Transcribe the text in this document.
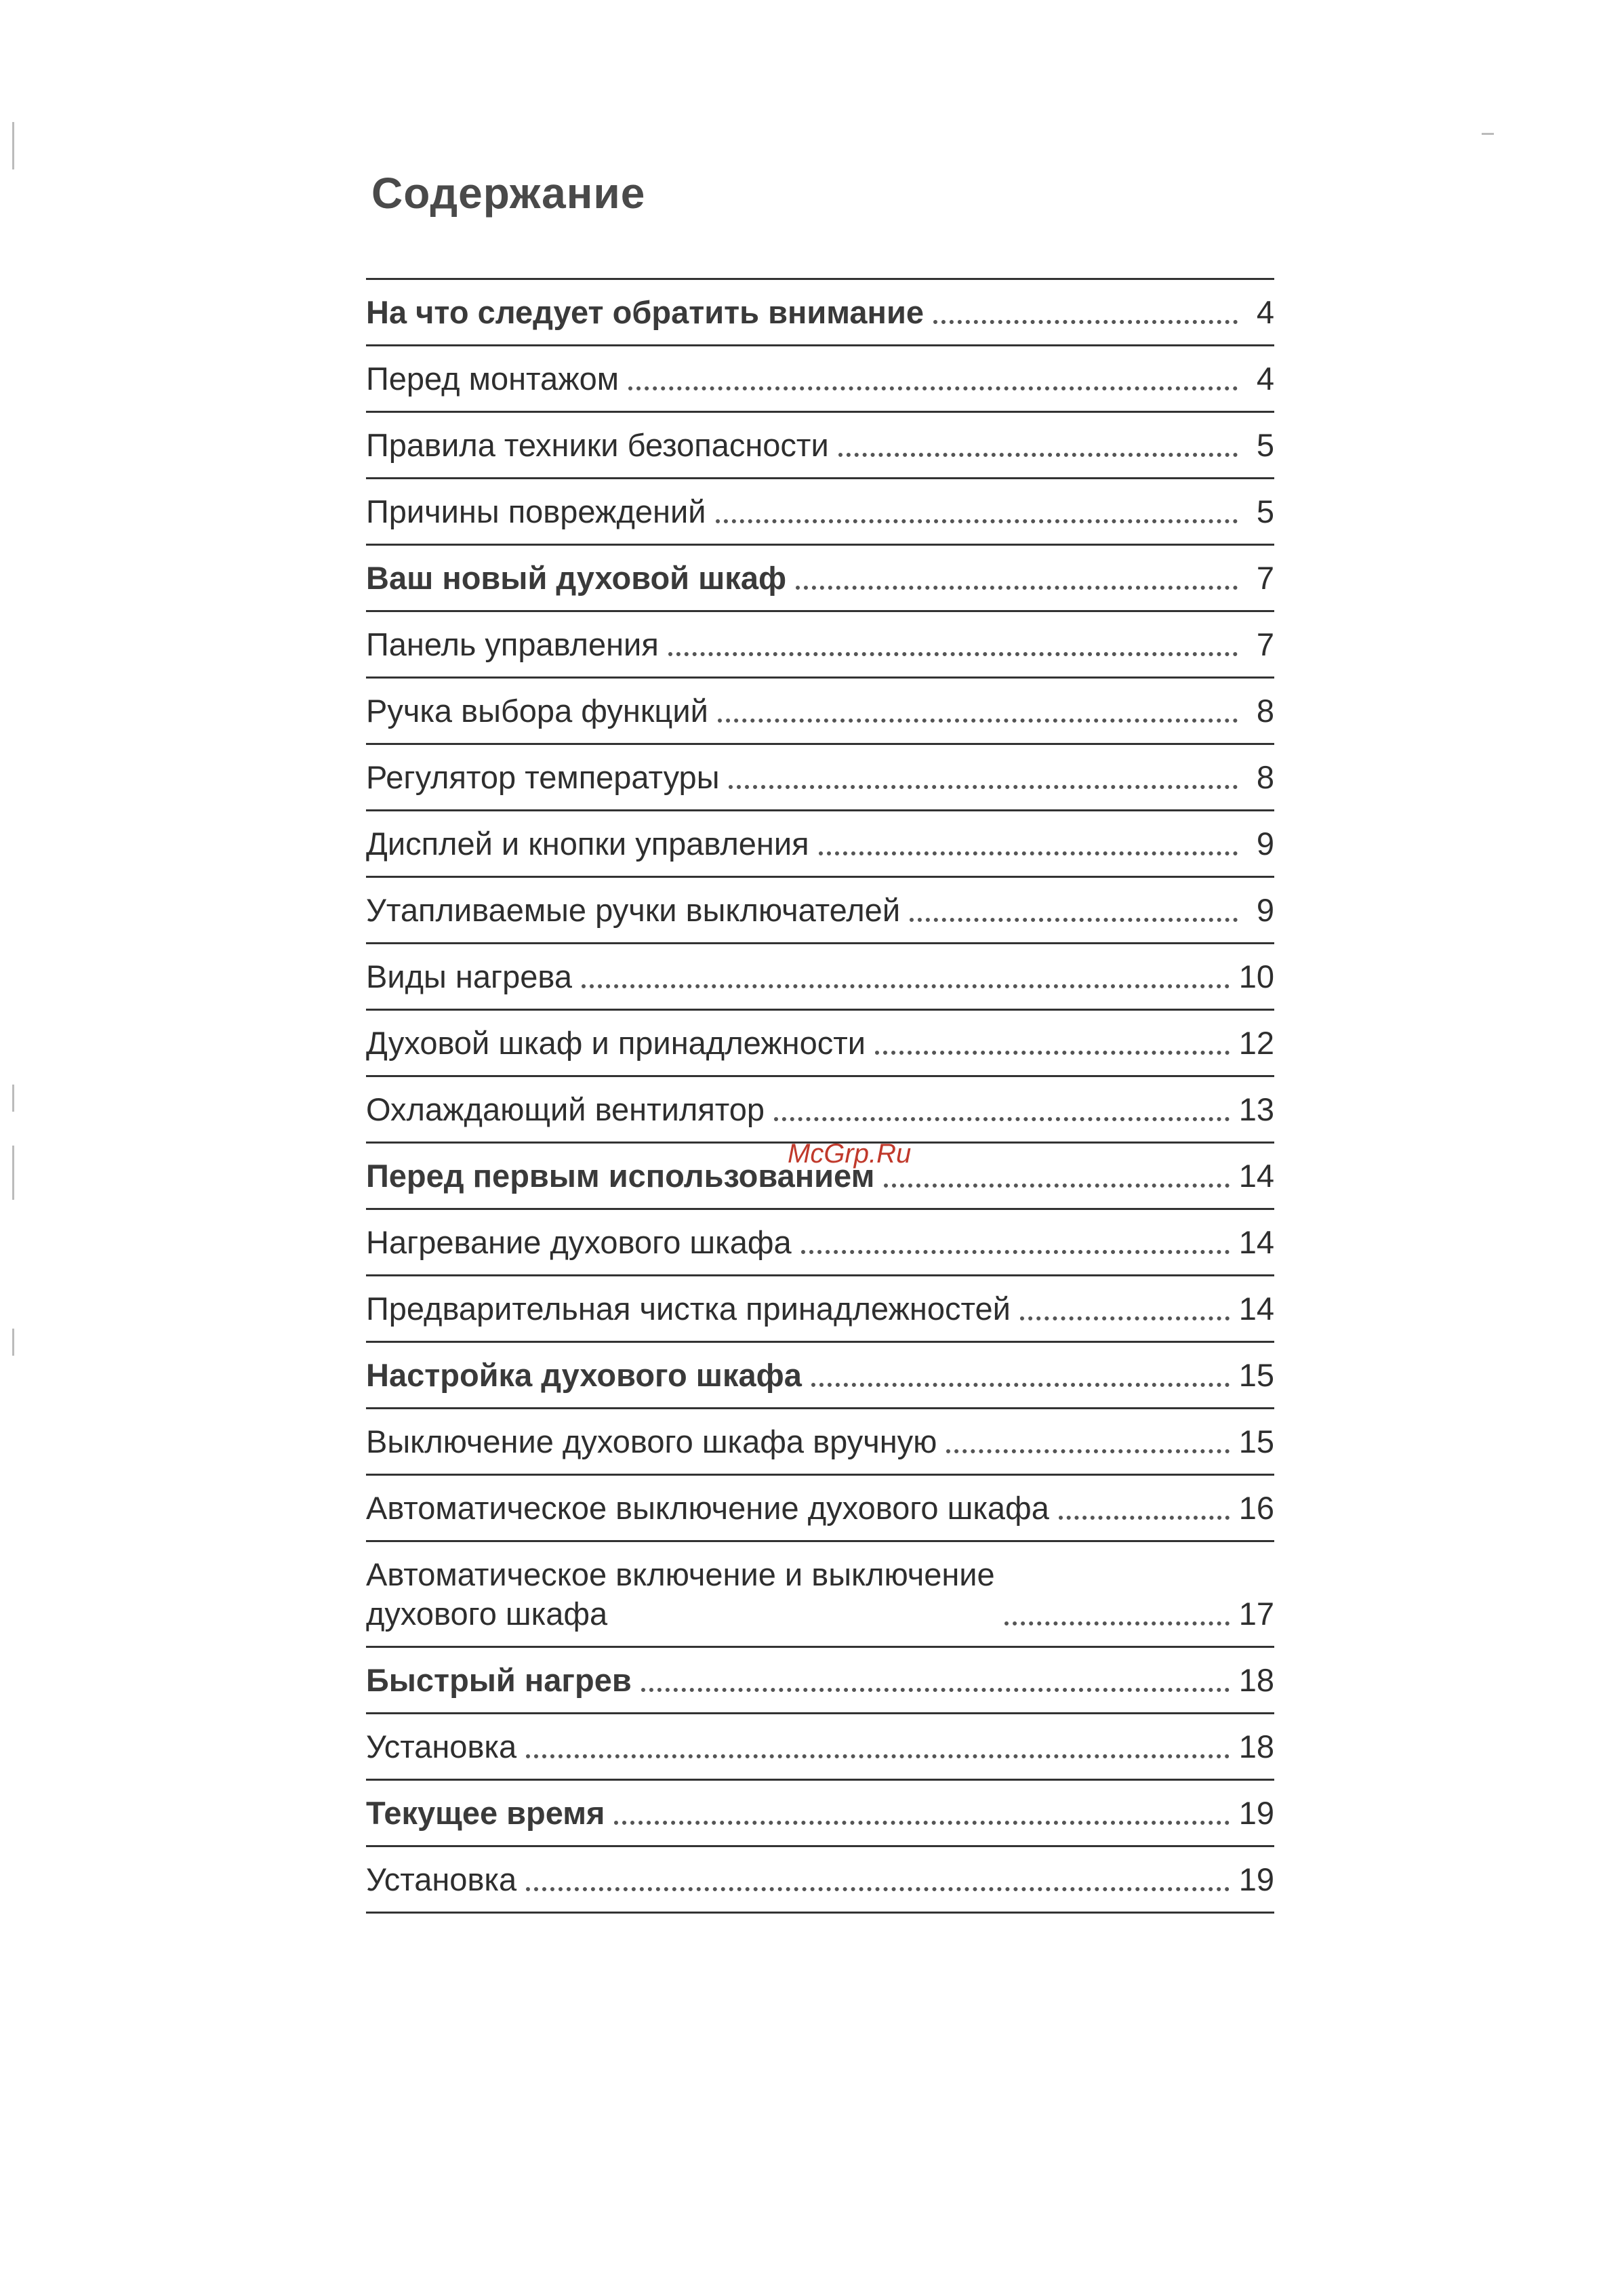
Содержание
На что следует обратить внимание	4
Перед монтажом	4
Правила техники безопасности	5
Причины повреждений	5
Ваш новый духовой шкаф	7
Панель управления	7
Ручка выбора функций	8
Регулятор температуры	8
Дисплей и кнопки управления	9
Утапливаемые ручки выключателей	9
Виды нагрева	10
Духовой шкаф и принадлежности	12
Охлаждающий вентилятор	13
Перед первым использованием	14
Нагревание духового шкафа	14
Предварительная чистка принадлежностей	14
Настройка духового шкафа	15
Выключение духового шкафа вручную	15
Автоматическое выключение духового шкафа	16
Автоматическое включение и выключение
духового шкафа	17
Быстрый нагрев	18
Установка	18
Текущее время	19
Установка	19
McGrp.Ru
